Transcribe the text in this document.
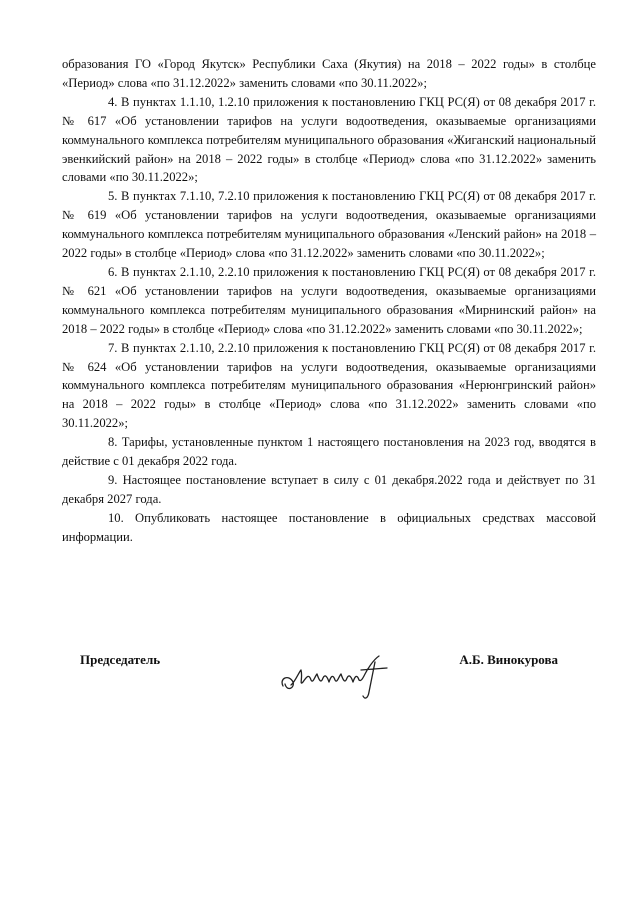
образования ГО «Город Якутск» Республики Саха (Якутия) на 2018 – 2022 годы» в столбце «Период» слова «по 31.12.2022» заменить словами «по 30.11.2022»;

4. В пунктах 1.1.10, 1.2.10 приложения к постановлению ГКЦ РС(Я) от 08 декабря 2017 г. № 617 «Об установлении тарифов на услуги водоотведения, оказываемые организациями коммунального комплекса потребителям муниципального образования «Жиганский национальный эвенкийский район» на 2018 – 2022 годы» в столбце «Период» слова «по 31.12.2022» заменить словами «по 30.11.2022»;

5. В пунктах 7.1.10, 7.2.10 приложения к постановлению ГКЦ РС(Я) от 08 декабря 2017 г. № 619 «Об установлении тарифов на услуги водоотведения, оказываемые организациями коммунального комплекса потребителям муниципального образования «Ленский район» на 2018 – 2022 годы» в столбце «Период» слова «по 31.12.2022» заменить словами «по 30.11.2022»;

6. В пунктах 2.1.10, 2.2.10 приложения к постановлению ГКЦ РС(Я) от 08 декабря 2017 г. № 621 «Об установлении тарифов на услуги водоотведения, оказываемые организациями коммунального комплекса потребителям муниципального образования «Мирнинский район» на 2018 – 2022 годы» в столбце «Период» слова «по 31.12.2022» заменить словами «по 30.11.2022»;

7. В пунктах 2.1.10, 2.2.10 приложения к постановлению ГКЦ РС(Я) от 08 декабря 2017 г. № 624 «Об установлении тарифов на услуги водоотведения, оказываемые организациями коммунального комплекса потребителям муниципального образования «Нерюнгринский район» на 2018 – 2022 годы» в столбце «Период» слова «по 31.12.2022» заменить словами «по 30.11.2022»;

8. Тарифы, установленные пунктом 1 настоящего постановления на 2023 год, вводятся в действие с 01 декабря 2022 года.

9. Настоящее постановление вступает в силу с 01 декабря.2022 года и действует по 31 декабря 2027 года.

10. Опубликовать настоящее постановление в официальных средствах массовой информации.

Председатель	А.Б. Винокурова
